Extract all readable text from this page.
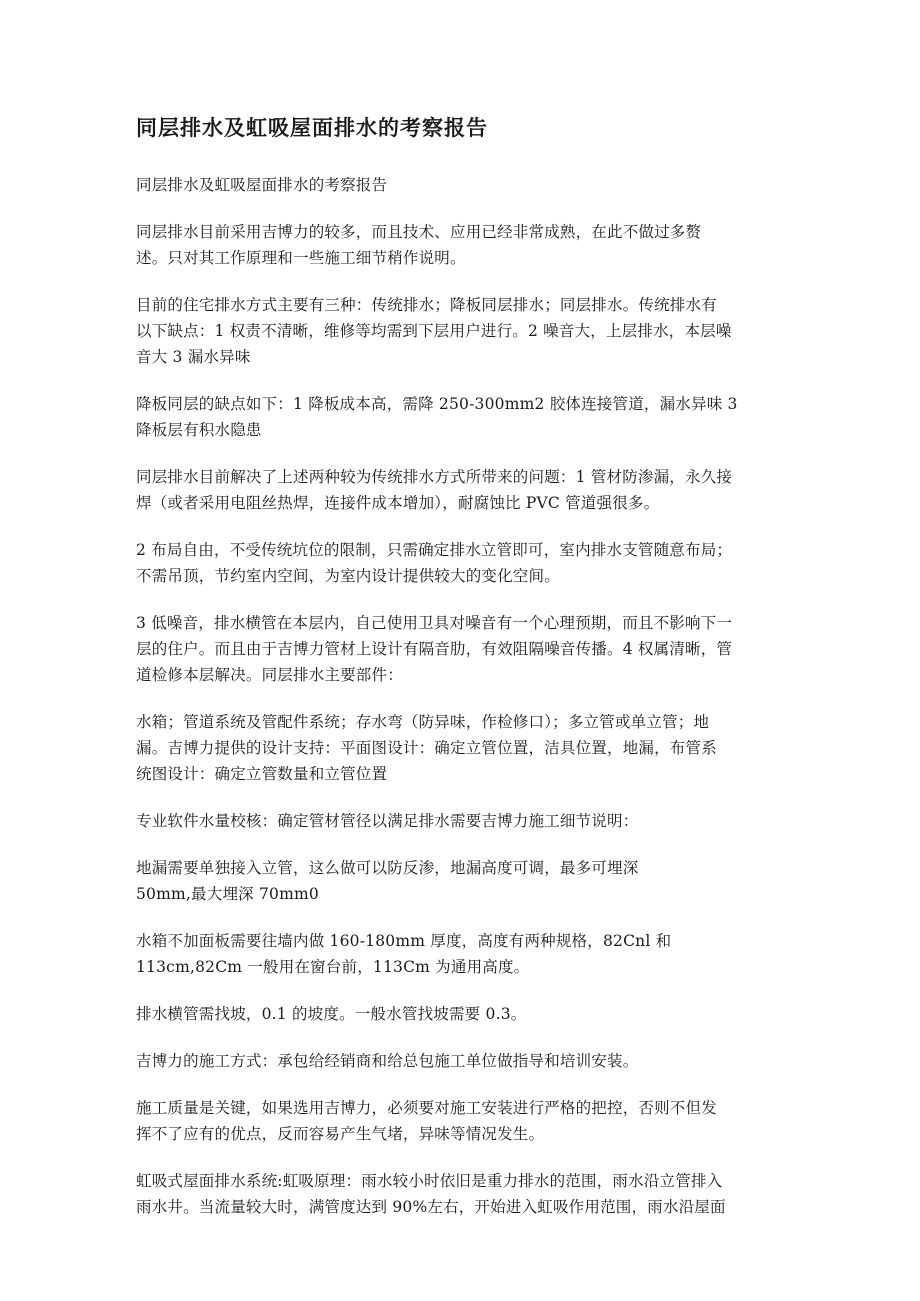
同层排水及虹吸屋面排水的考察报告

同层排水及虹吸屋面排水的考察报告

同层排水目前采用吉博力的较多，而且技术、应用已经非常成熟，在此不做过多赘
述。只对其工作原理和一些施工细节稍作说明。

目前的住宅排水方式主要有三种：传统排水；降板同层排水；同层排水。传统排水有
以下缺点：1 权责不清晰，维修等均需到下层用户进行。2 噪音大，上层排水，本层噪
音大 3 漏水异味

降板同层的缺点如下：1 降板成本高，需降 250-300mm2 胶体连接管道，漏水异味 3
降板层有积水隐患

同层排水目前解决了上述两种较为传统排水方式所带来的问题：1 管材防渗漏，永久接
焊（或者采用电阻丝热焊，连接件成本增加），耐腐蚀比 PVC 管道强很多。

2 布局自由，不受传统坑位的限制，只需确定排水立管即可，室内排水支管随意布局；
不需吊顶，节约室内空间，为室内设计提供较大的变化空间。

3 低噪音，排水横管在本层内，自己使用卫具对噪音有一个心理预期，而且不影响下一
层的住户。而且由于吉博力管材上设计有隔音肋，有效阻隔噪音传播。4 权属清晰，管
道检修本层解决。同层排水主要部件：

水箱；管道系统及管配件系统；存水弯（防异味，作检修口）；多立管或单立管；地
漏。吉博力提供的设计支持：平面图设计：确定立管位置，洁具位置，地漏，布管系
统图设计：确定立管数量和立管位置

专业软件水量校核：确定管材管径以满足排水需要吉博力施工细节说明：

地漏需要单独接入立管，这么做可以防反渗，地漏高度可调，最多可埋深
50mm,最大埋深 70mm0

水箱不加面板需要往墙内做 160-180mm 厚度，高度有两种规格，82Cnl 和
113cm,82Cm 一般用在窗台前，113Cm 为通用高度。

排水横管需找坡，0.1 的坡度。一般水管找坡需要 0.3。

吉博力的施工方式：承包给经销商和给总包施工单位做指导和培训安装。

施工质量是关键，如果选用吉博力，必须要对施工安装进行严格的把控，否则不但发
挥不了应有的优点，反而容易产生气堵，异味等情况发生。

虹吸式屋面排水系统:虹吸原理：雨水较小时依旧是重力排水的范围，雨水沿立管排入
雨水井。当流量较大时，满管度达到 90%左右，开始进入虹吸作用范围，雨水沿屋面
